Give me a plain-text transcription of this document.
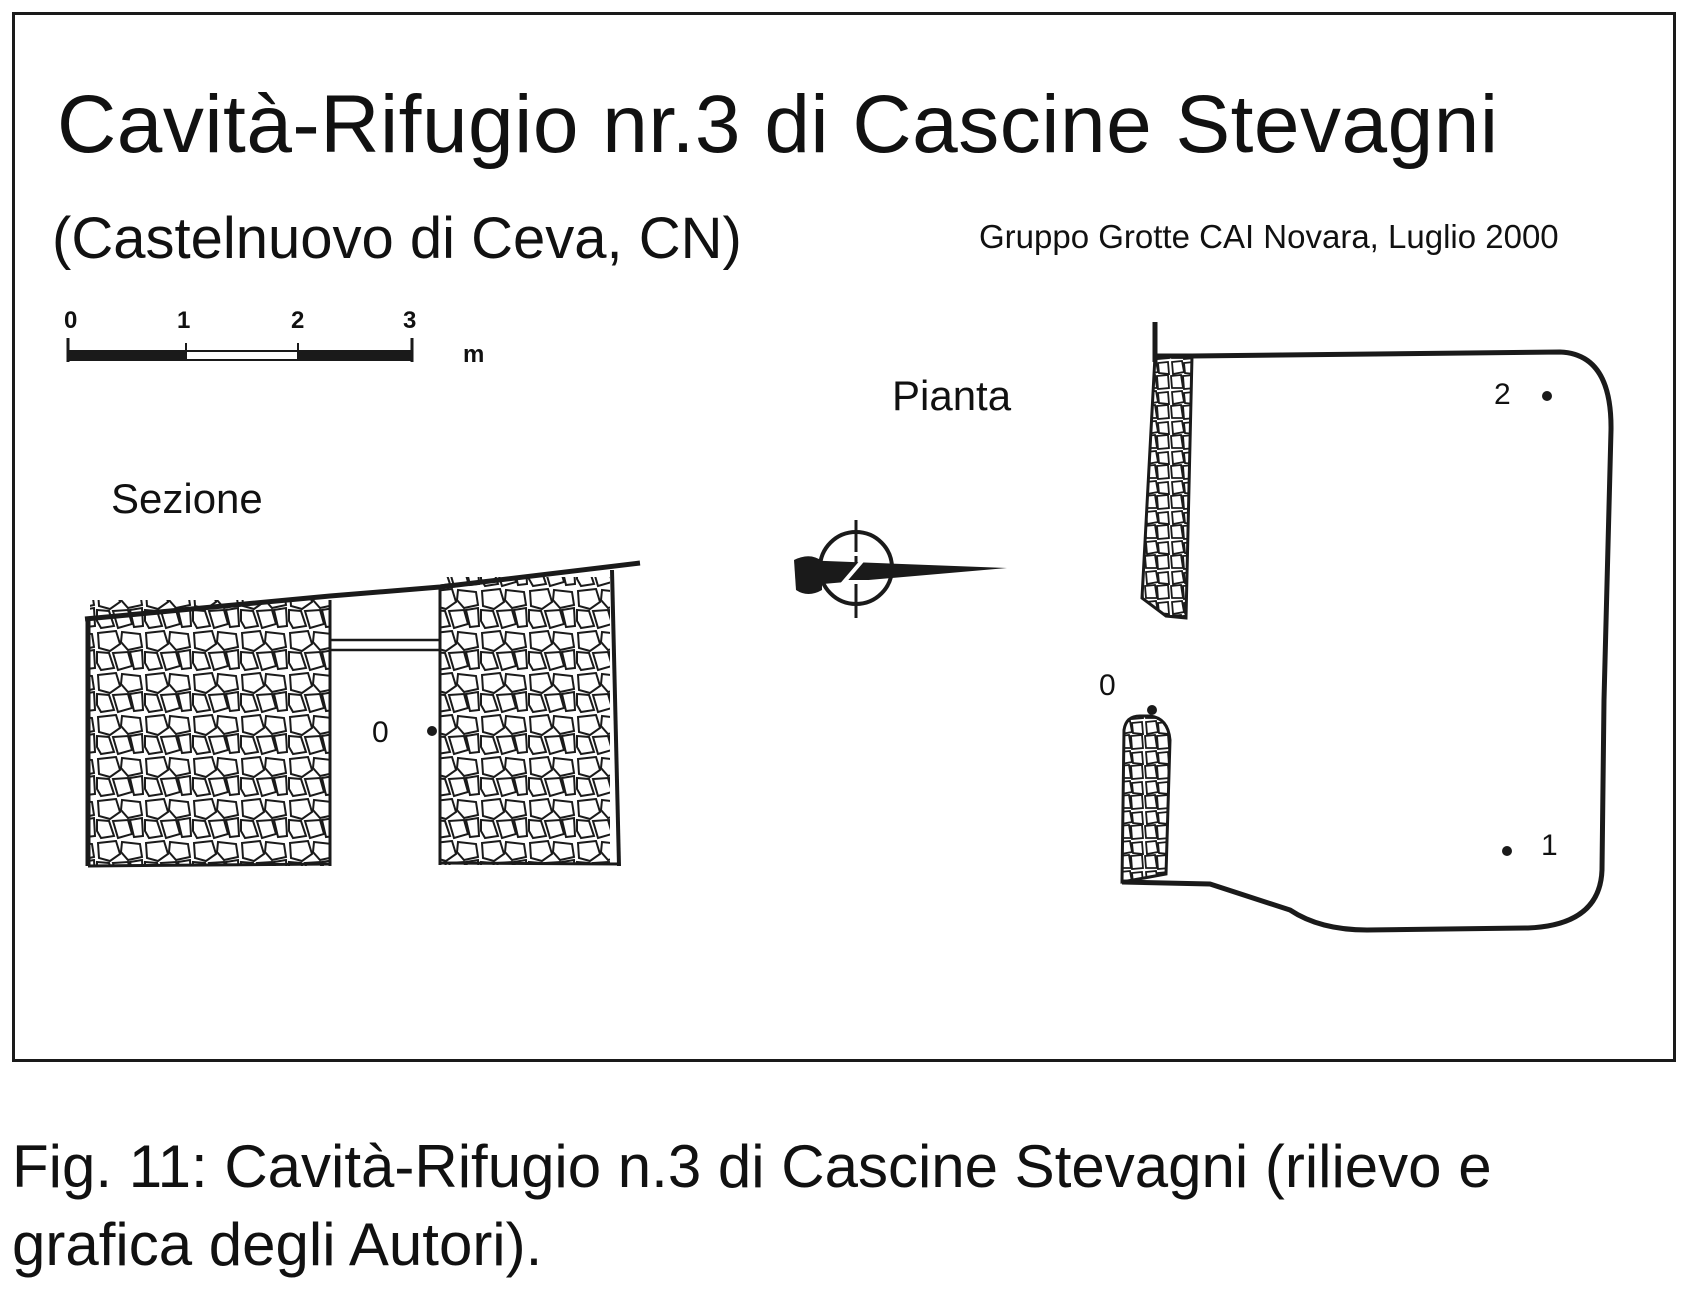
Cavità-Rifugio nr.3 di Cascine Stevagni
(Castelnuovo di Ceva, CN)	Gruppo Grotte CAI Novara, Luglio 2000
0	1	2	3
m
Sezione
Pianta
0
0
1
2
Fig. 11: Cavità-Rifugio n.3 di Cascine Stevagni (rilievo e grafica degli Autori).
